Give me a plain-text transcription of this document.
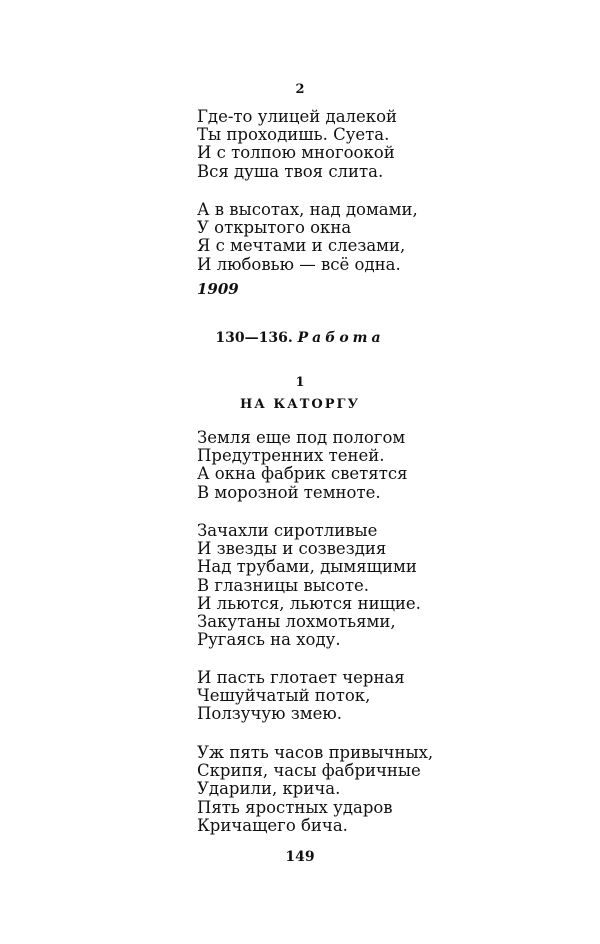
2
Где-то улицей далекой
Ты проходишь. Суета.
И с толпою многоокой
Вся душа твоя слита.
А в высотах, над домами,
У открытого окна
Я с мечтами и слезами,
И любовью — всё одна.
1909
130—136. Работа
1
НА КАТОРГУ
Земля еще под пологом
Предутренних теней.
А окна фабрик светятся
В морозной темноте.
Зачахли сиротливые
И звезды и созвездия
Над трубами, дымящими
В глазницы высоте.
И льются, льются нищие.
Закутаны лохмотьями,
Ругаясь на ходу.
И пасть глотает черная
Чешуйчатый поток,
Ползучую змею.
Уж пять часов привычных,
Скрипя, часы фабричные
Ударили, крича.
Пять яростных ударов
Кричащего бича.
149
